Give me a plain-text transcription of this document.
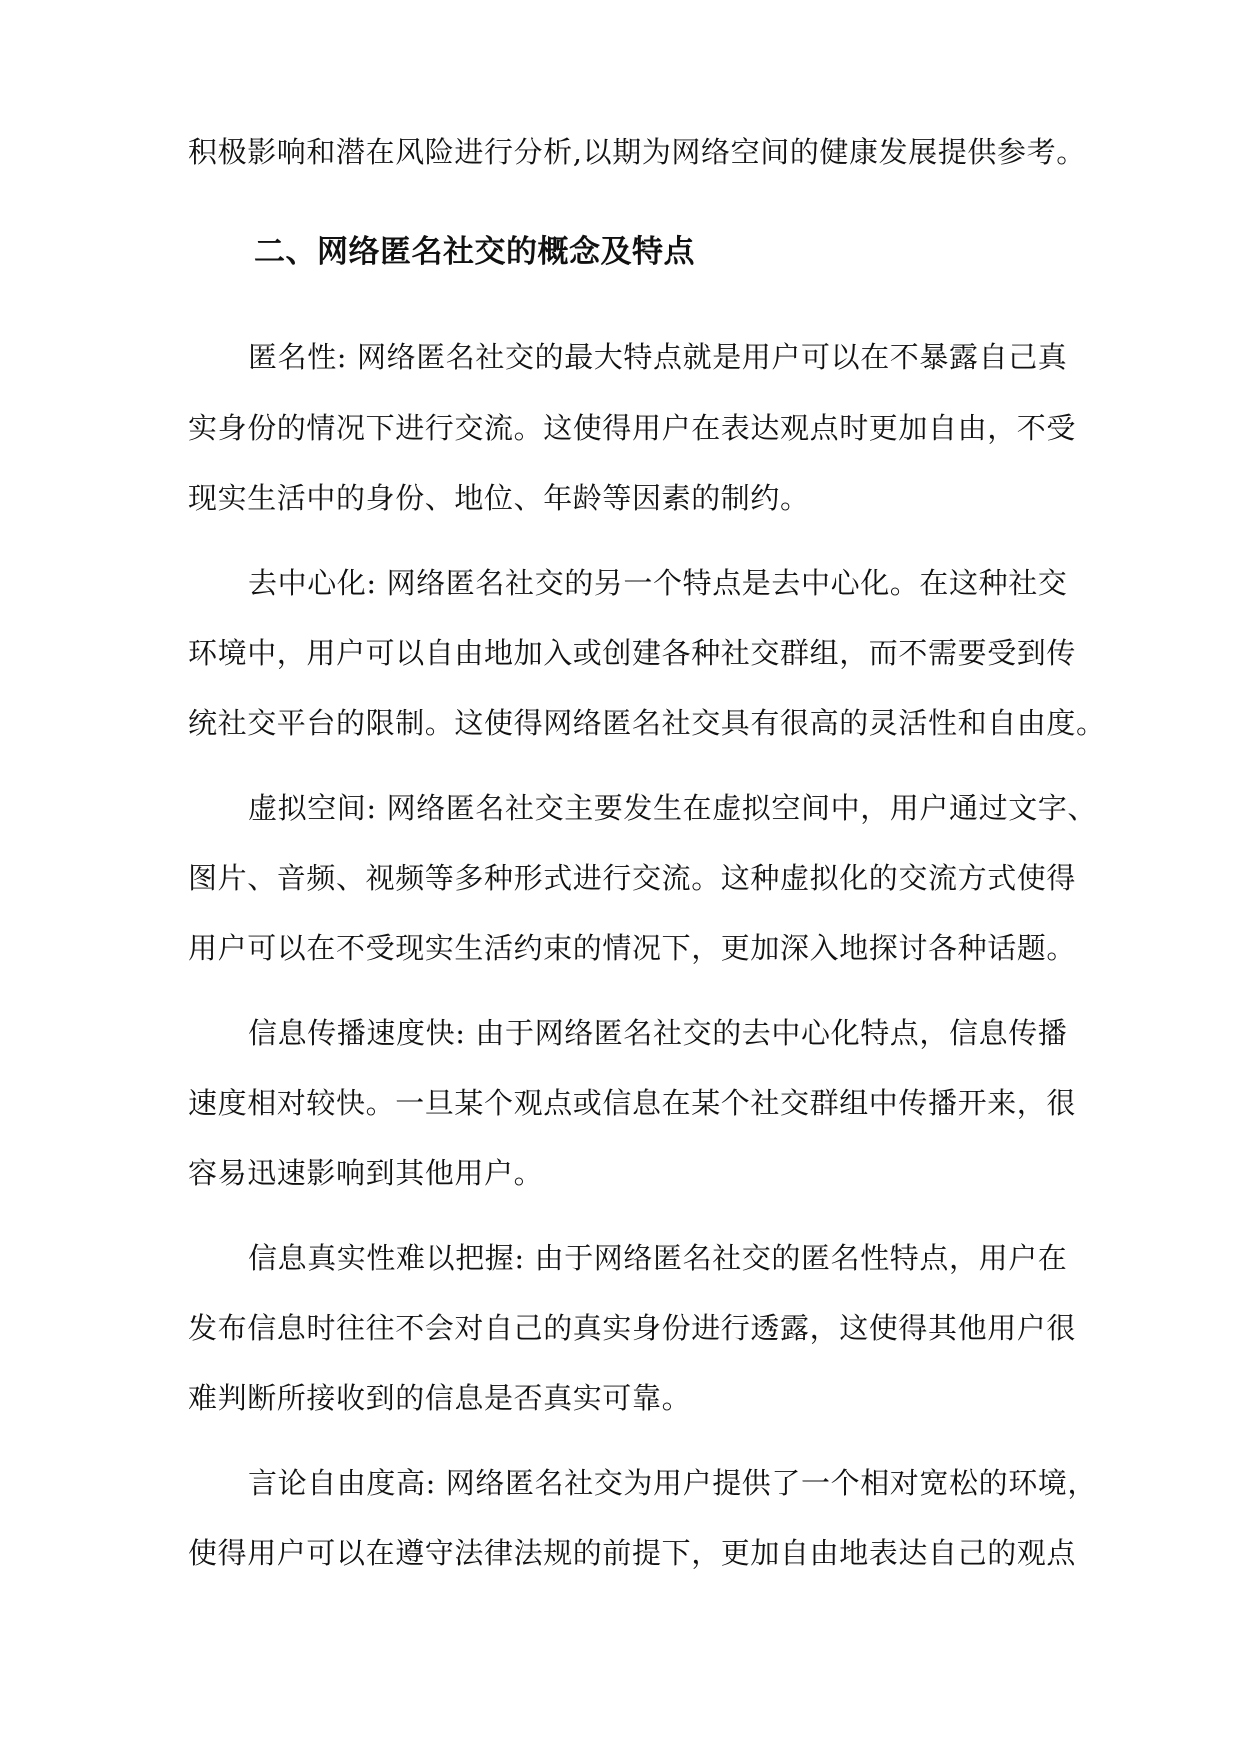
积极影响和潜在风险进行分析,以期为网络空间的健康发展提供参考。
二、网络匿名社交的概念及特点
匿名性: 网络匿名社交的最大特点就是用户可以在不暴露自己真
实身份的情况下进行交流。这使得用户在表达观点时更加自由，不受
现实生活中的身份、地位、年龄等因素的制约。
去中心化: 网络匿名社交的另一个特点是去中心化。在这种社交
环境中，用户可以自由地加入或创建各种社交群组，而不需要受到传
统社交平台的限制。这使得网络匿名社交具有很高的灵活性和自由度。
虚拟空间: 网络匿名社交主要发生在虚拟空间中，用户通过文字、
图片、音频、视频等多种形式进行交流。这种虚拟化的交流方式使得
用户可以在不受现实生活约束的情况下，更加深入地探讨各种话题。
信息传播速度快: 由于网络匿名社交的去中心化特点，信息传播
速度相对较快。一旦某个观点或信息在某个社交群组中传播开来，很
容易迅速影响到其他用户。
信息真实性难以把握: 由于网络匿名社交的匿名性特点，用户在
发布信息时往往不会对自己的真实身份进行透露，这使得其他用户很
难判断所接收到的信息是否真实可靠。
言论自由度高: 网络匿名社交为用户提供了一个相对宽松的环境，
使得用户可以在遵守法律法规的前提下，更加自由地表达自己的观点
